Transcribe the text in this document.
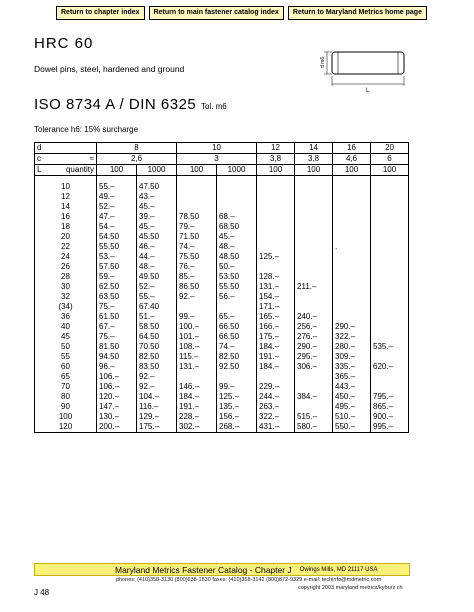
Return to chapter index	Return to main fastener catalog index	Return to Maryland Metrics home page
HRC 60
Dowel pins, steel, hardened and ground
ISO 8734 A / DIN 6325 Tol. m6
Tolerance h6: 15% surcharge
d m6
L
d	8		10		12	14	16	20
c ≈	2,6		3		3,8	3,8	4,6	6
L quantity	100	1000	100	1000	100	100	100	100

10	55.–	47.50						
12	49.–	43.–						
14	52.–	45.–						
16	47.–	39.–	78.50	68.–				
18	54.–	45.–	79.–	68.50				
20	54.50	45.50	71.50	45.–				
22	55.50	46.–	74.–	48.–			.	
24	53.–	44.–	75.50	48.50	125.–			
26	57.50	48.–	76.–	50.–				
28	59.–	49.50	85.–	53.50	128.–			
30	62.50	52.–	86.50	55.50	131.–	211.–		
32	63.50	55.–	92.–	56.–	154.–			
(34)	75.–	67.40			171.–			
36	61.50	51.–	99.–	65.–	165.–	240.–		
40	67.–	58.50	100.–	66.50	166.–	256.–	290.–	
45	75.–	64.50	101.–	66.50	175.–	276.–	322.–	
50	81.50	70.50	108.–	74.–	184.–	290.–	280.–	535.–
55	94.50	82.50	115.–	82.50	191.–	295.–	309.–	
60	96.–	83.50	131.–	92.50	184.–	306.–	335.–	620.–
65	106.–	92.–					365.–	
70	106.–	92.–	146.–	99.–	229.–		443.–	
80	120.–	104.–	184.–	125.–	244.–	384.–	450.–	795.–
90	147.–	116.–	191.–	135.–	263.–		495.–	865.–
100	130.–	129.–	228.–	156.–	322.–	515.–	510.–	900.–
120	200.–	175.–	302.–	268.–	431.–	580.–	550.–	995.–
Maryland Metrics Fastener Catalog - Chapter J Owings Mills, MD 21117 USA
phones: (410)358-3130 (800)638-1830 faxes: (410)358-3142 (800)872-9329 e-mail: techinfo@mdmetric.com
copyright 2003 maryland metrics/kyburz ch
J 48
